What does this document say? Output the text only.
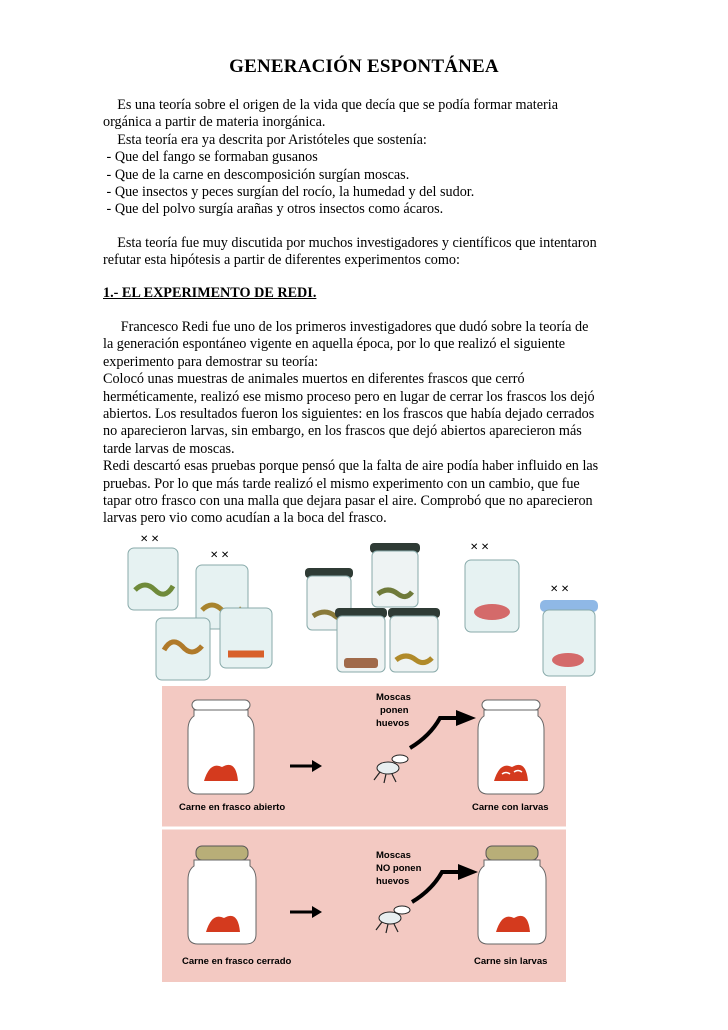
GENERACIÓN ESPONTÁNEA
Es una teoría sobre el origen de la vida que decía que se podía formar materia
orgánica a partir de materia inorgánica.
Esta teoría era ya descrita por Aristóteles que sostenía:
- Que del fango se formaban gusanos
- Que de la carne en descomposición surgían moscas.
- Que insectos y peces surgían del rocío, la humedad y del sudor.
- Que del polvo surgía arañas y otros insectos como ácaros.
Esta teoría fue muy discutida por muchos investigadores y científicos que intentaron
refutar esta hipótesis a partir de diferentes experimentos como:
1.- EL EXPERIMENTO DE REDI.
Francesco Redi fue uno de los primeros investigadores que dudó sobre la teoría de
la generación espontáneo vigente en aquella época, por lo que realizó el siguiente
experimento para demostrar su teoría:
Colocó unas muestras de animales muertos en diferentes frascos que cerró
herméticamente, realizó ese mismo proceso pero en lugar de cerrar los frascos los dejó
abiertos. Los resultados fueron los siguientes: en los frascos que había dejado cerrados
no aparecieron larvas, sin embargo, en los frascos que dejó abiertos aparecieron más
tarde larvas de moscas.
Redi descartó esas pruebas porque pensó que la falta de aire podía haber influido en las
pruebas. Por lo que más tarde realizó el mismo experimento con un cambio, que fue
tapar otro frasco con una malla que dejara pasar el aire. Comprobó que no aparecieron
larvas pero vio como acudían a la boca del frasco.
✕ ✕
✕ ✕
✕ ✕
✕ ✕
Carne en frasco abierto
Moscas
ponen
huevos
Carne con larvas
Carne en frasco cerrado
Moscas
NO ponen
huevos
Carne sin larvas
